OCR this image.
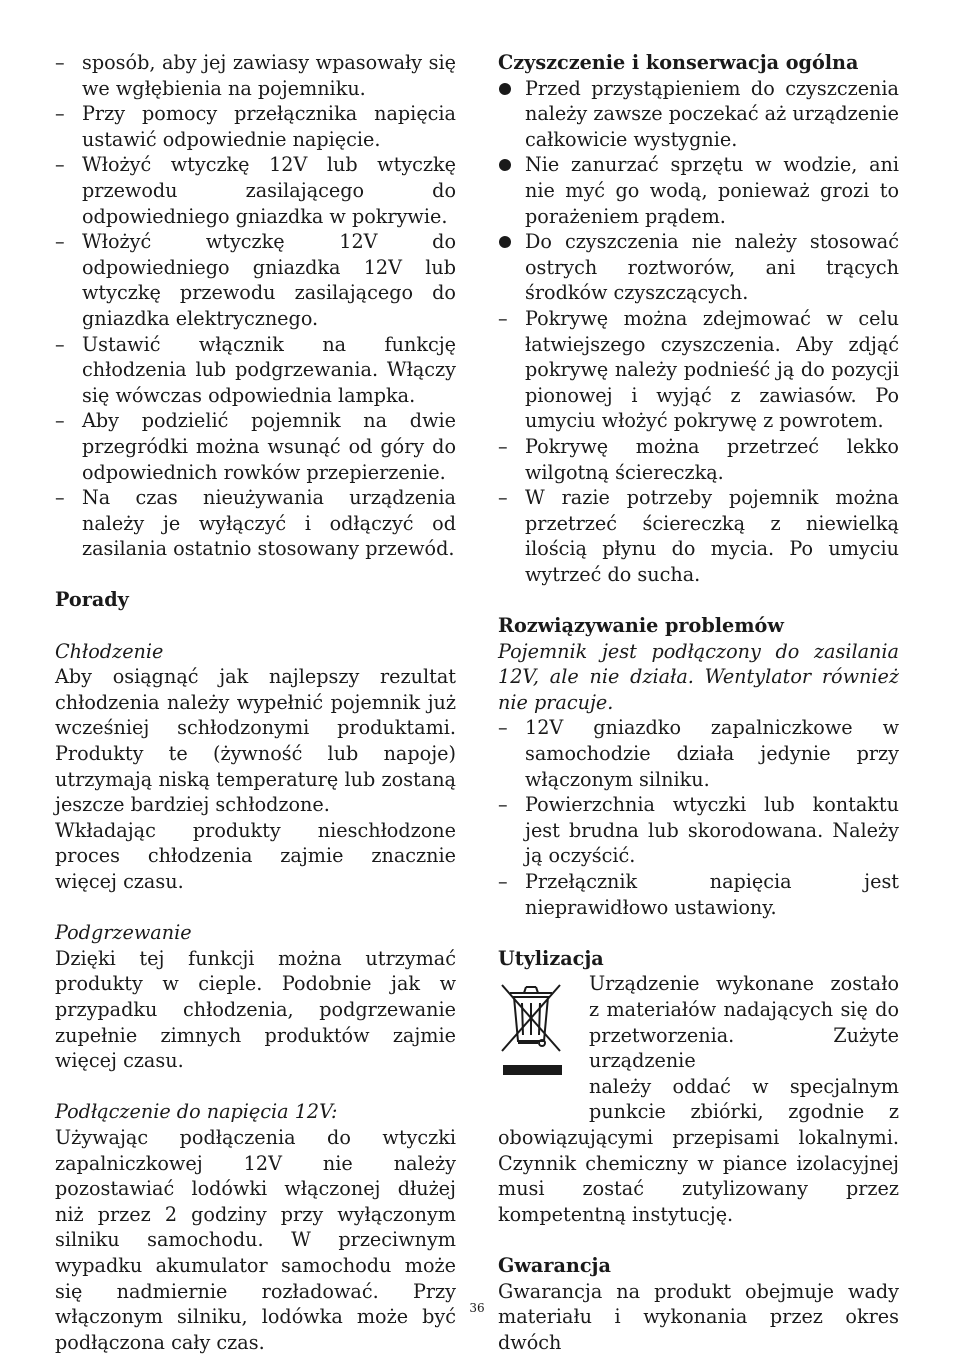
– sposób, aby jej zawiasy wpasowały się we wgłębienia na pojemniku.

– Przy pomocy przełącznika napięcia ustawić odpowiednie napięcie.

– Włożyć wtyczkę 12V lub wtyczkę przewodu zasilającego do odpowiedniego gniazdka w pokrywie.

– Włożyć wtyczkę 12V do odpowiedniego gniazdka 12V lub wtyczkę przewodu zasilającego do gniazdka elektrycznego.

– Ustawić włącznik na funkcję chłodzenia lub podgrzewania. Włączy się wówczas odpowiednia lampka.

– Aby podzielić pojemnik na dwie przegródki można wsunąć od góry do odpowiednich rowków przepierzenie.

– Na czas nieużywania urządzenia należy je wyłączyć i odłączyć od zasilania ostatnio stosowany przewód.

Porady

Chłodzenie

Aby osiągnąć jak najlepszy rezultat chłodzenia należy wypełnić pojemnik już wcześniej schłodzonymi produktami. Produkty te (żywność lub napoje) utrzymają niską temperaturę lub zostaną jeszcze bardziej schłodzone.

Wkładając produkty nieschłodzone proces chłodzenia zajmie znacznie więcej czasu.

Podgrzewanie

Dzięki tej funkcji można utrzymać produkty w cieple. Podobnie jak w przypadku chłodzenia, podgrzewanie zupełnie zimnych produktów zajmie więcej czasu.

Podłączenie do napięcia 12V:

Używając podłączenia do wtyczki zapalniczkowej 12V nie należy pozostawiać lodówki włączonej dłużej niż przez 2 godziny przy wyłączonym silniku samochodu. W przeciwnym wypadku akumulator samochodu może się nadmiernie rozładować. Przy włączonym silniku, lodówka może być podłączona cały czas.

Czyszczenie i konserwacja ogólna

Przed przystąpieniem do czyszczenia należy zawsze poczekać aż urządzenie całkowicie wystygnie.

Nie zanurzać sprzętu w wodzie, ani nie myć go wodą, ponieważ grozi to porażeniem prądem.

Do czyszczenia nie należy stosować ostrych roztworów, ani trących środków czyszczących.

– Pokrywę można zdejmować w celu łatwiejszego czyszczenia. Aby zdjąć pokrywę należy podnieść ją do pozycji pionowej i wyjąć z zawiasów. Po umyciu włożyć pokrywę z powrotem.

– Pokrywę można przetrzeć lekko wilgotną ściereczką.

– W razie potrzeby pojemnik można przetrzeć ściereczką z niewielką ilością płynu do mycia. Po umyciu wytrzeć do sucha.

Rozwiązywanie problemów

Pojemnik jest podłączony do zasilania 12V, ale nie działa. Wentylator również nie pracuje.

– 12V gniazdko zapalniczkowe w samochodzie działa jedynie przy włączonym silniku.

– Powierzchnia wtyczki lub kontaktu jest brudna lub skorodowana. Należy ją oczyścić.

– Przełącznik napięcia jest nieprawidłowo ustawiony.

Utylizacja

Urządzenie wykonane zostało

z materiałów nadających się do

przetworzenia. Zużyte urządzenie

należy oddać w specjalnym

punkcie zbiórki, zgodnie z

obowiązującymi przepisami lokalnymi. Czynnik chemiczny w piance izolacyjnej musi zostać zutylizowany przez kompetentną instytucję.

Gwarancja

Gwarancja na produkt obejmuje wady materiału i wykonania przez okres dwóch

36
